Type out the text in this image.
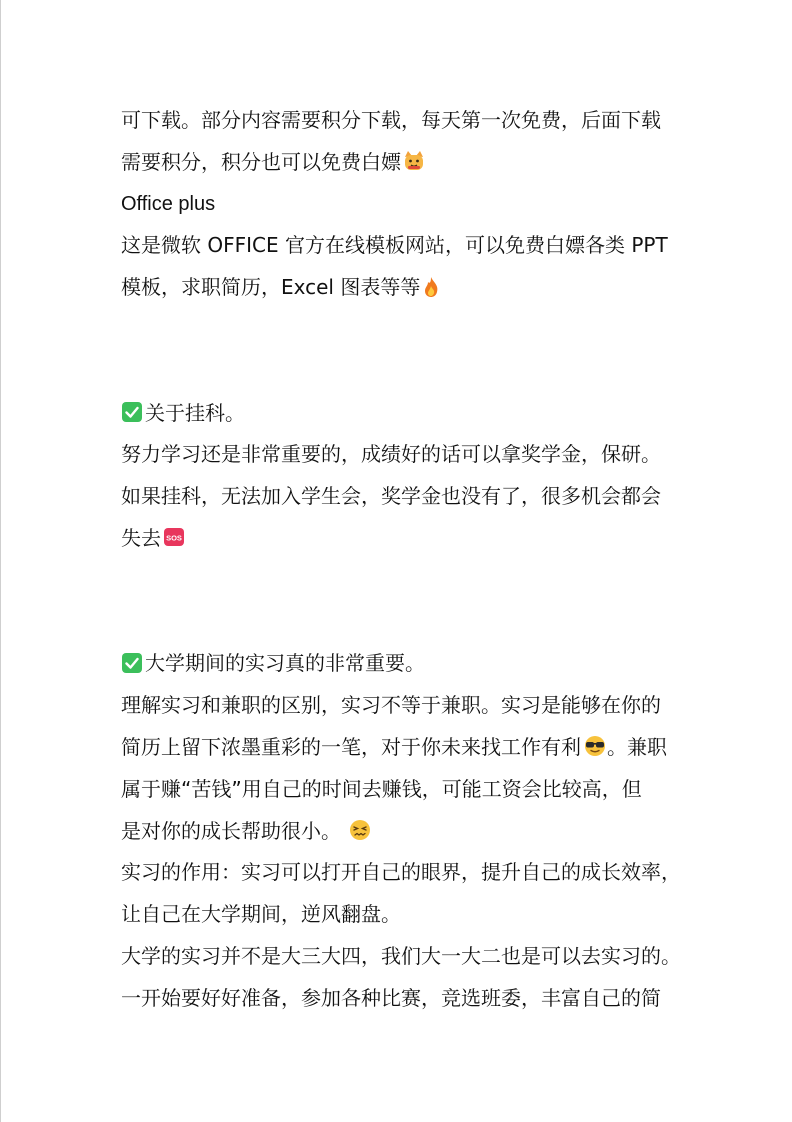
可下载。部分内容需要积分下载，每天第一次免费，后面下载
需要积分，积分也可以免费白嫖
Office plus
这是微软 OFFICE 官方在线模板网站，可以免费白嫖各类 PPT
模板，求职简历，Excel 图表等等
关于挂科。
努力学习还是非常重要的，成绩好的话可以拿奖学金，保研。
如果挂科，无法加入学生会，奖学金也没有了，很多机会都会
失去 SOS
大学期间的实习真的非常重要。
理解实习和兼职的区别，实习不等于兼职。实习是能够在你的
简历上留下浓墨重彩的一笔，对于你未来找工作有利 。兼职
属于赚“苦钱”用自己的时间去赚钱，可能工资会比较高，但
是对你的成长帮助很小。
实习的作用：实习可以打开自己的眼界，提升自己的成长效率，
让自己在大学期间，逆风翻盘。
大学的实习并不是大三大四，我们大一大二也是可以去实习的。
一开始要好好准备，参加各种比赛，竞选班委，丰富自己的简
